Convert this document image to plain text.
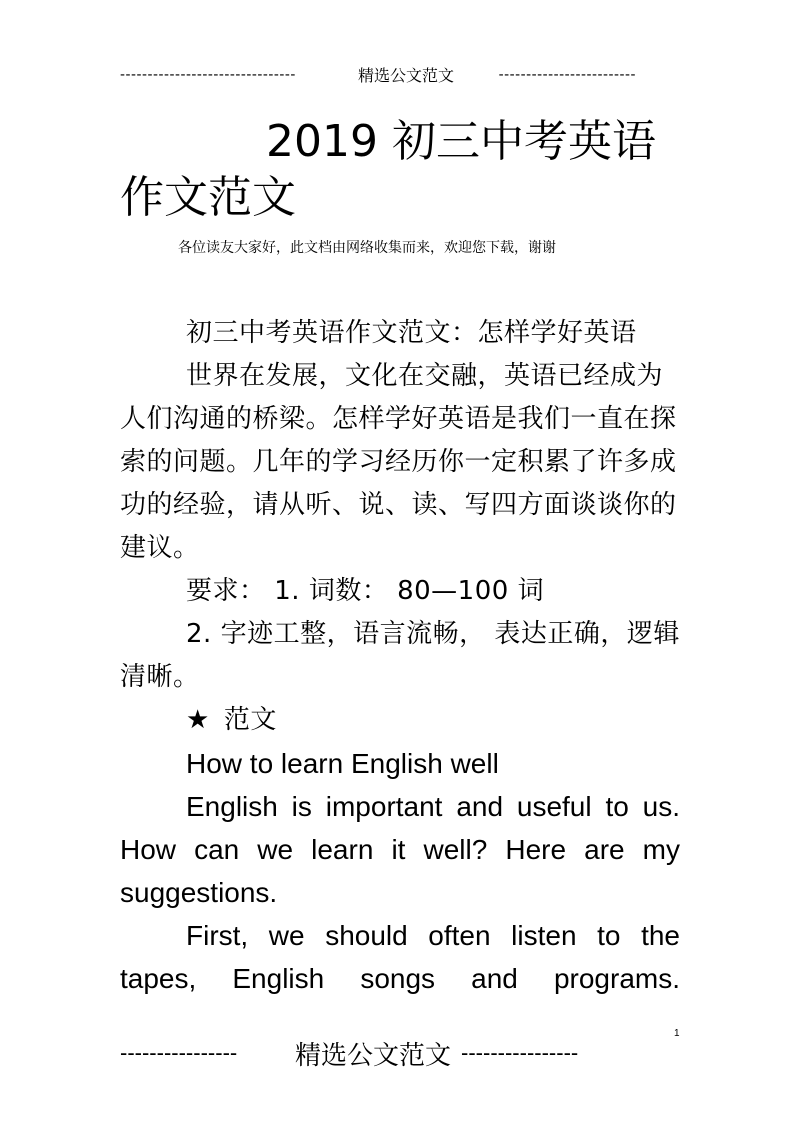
--------------------------------	精选公文范文	-------------------------
2019 初三中考英语
作文范文
各位读友大家好，此文档由网络收集而来，欢迎您下载，谢谢

初三中考英语作文范文：怎样学好英语

世界在发展，文化在交融，英语已经成为人们沟通的桥梁。怎样学好英语是我们一直在探索的问题。几年的学习经历你一定积累了许多成功的经验，请从听、说、读、写四方面谈谈你的建议。

要求： 1. 词数： 80—100 词

2. 字迹工整，语言流畅， 表达正确，逻辑清晰。

★ 范文

How to learn English well

English is important and useful to us. How can we learn it well? Here are my suggestions.

First, we should often listen to the tapes, English songs and programs.

1
----------------	精选公文范文 ----------------
